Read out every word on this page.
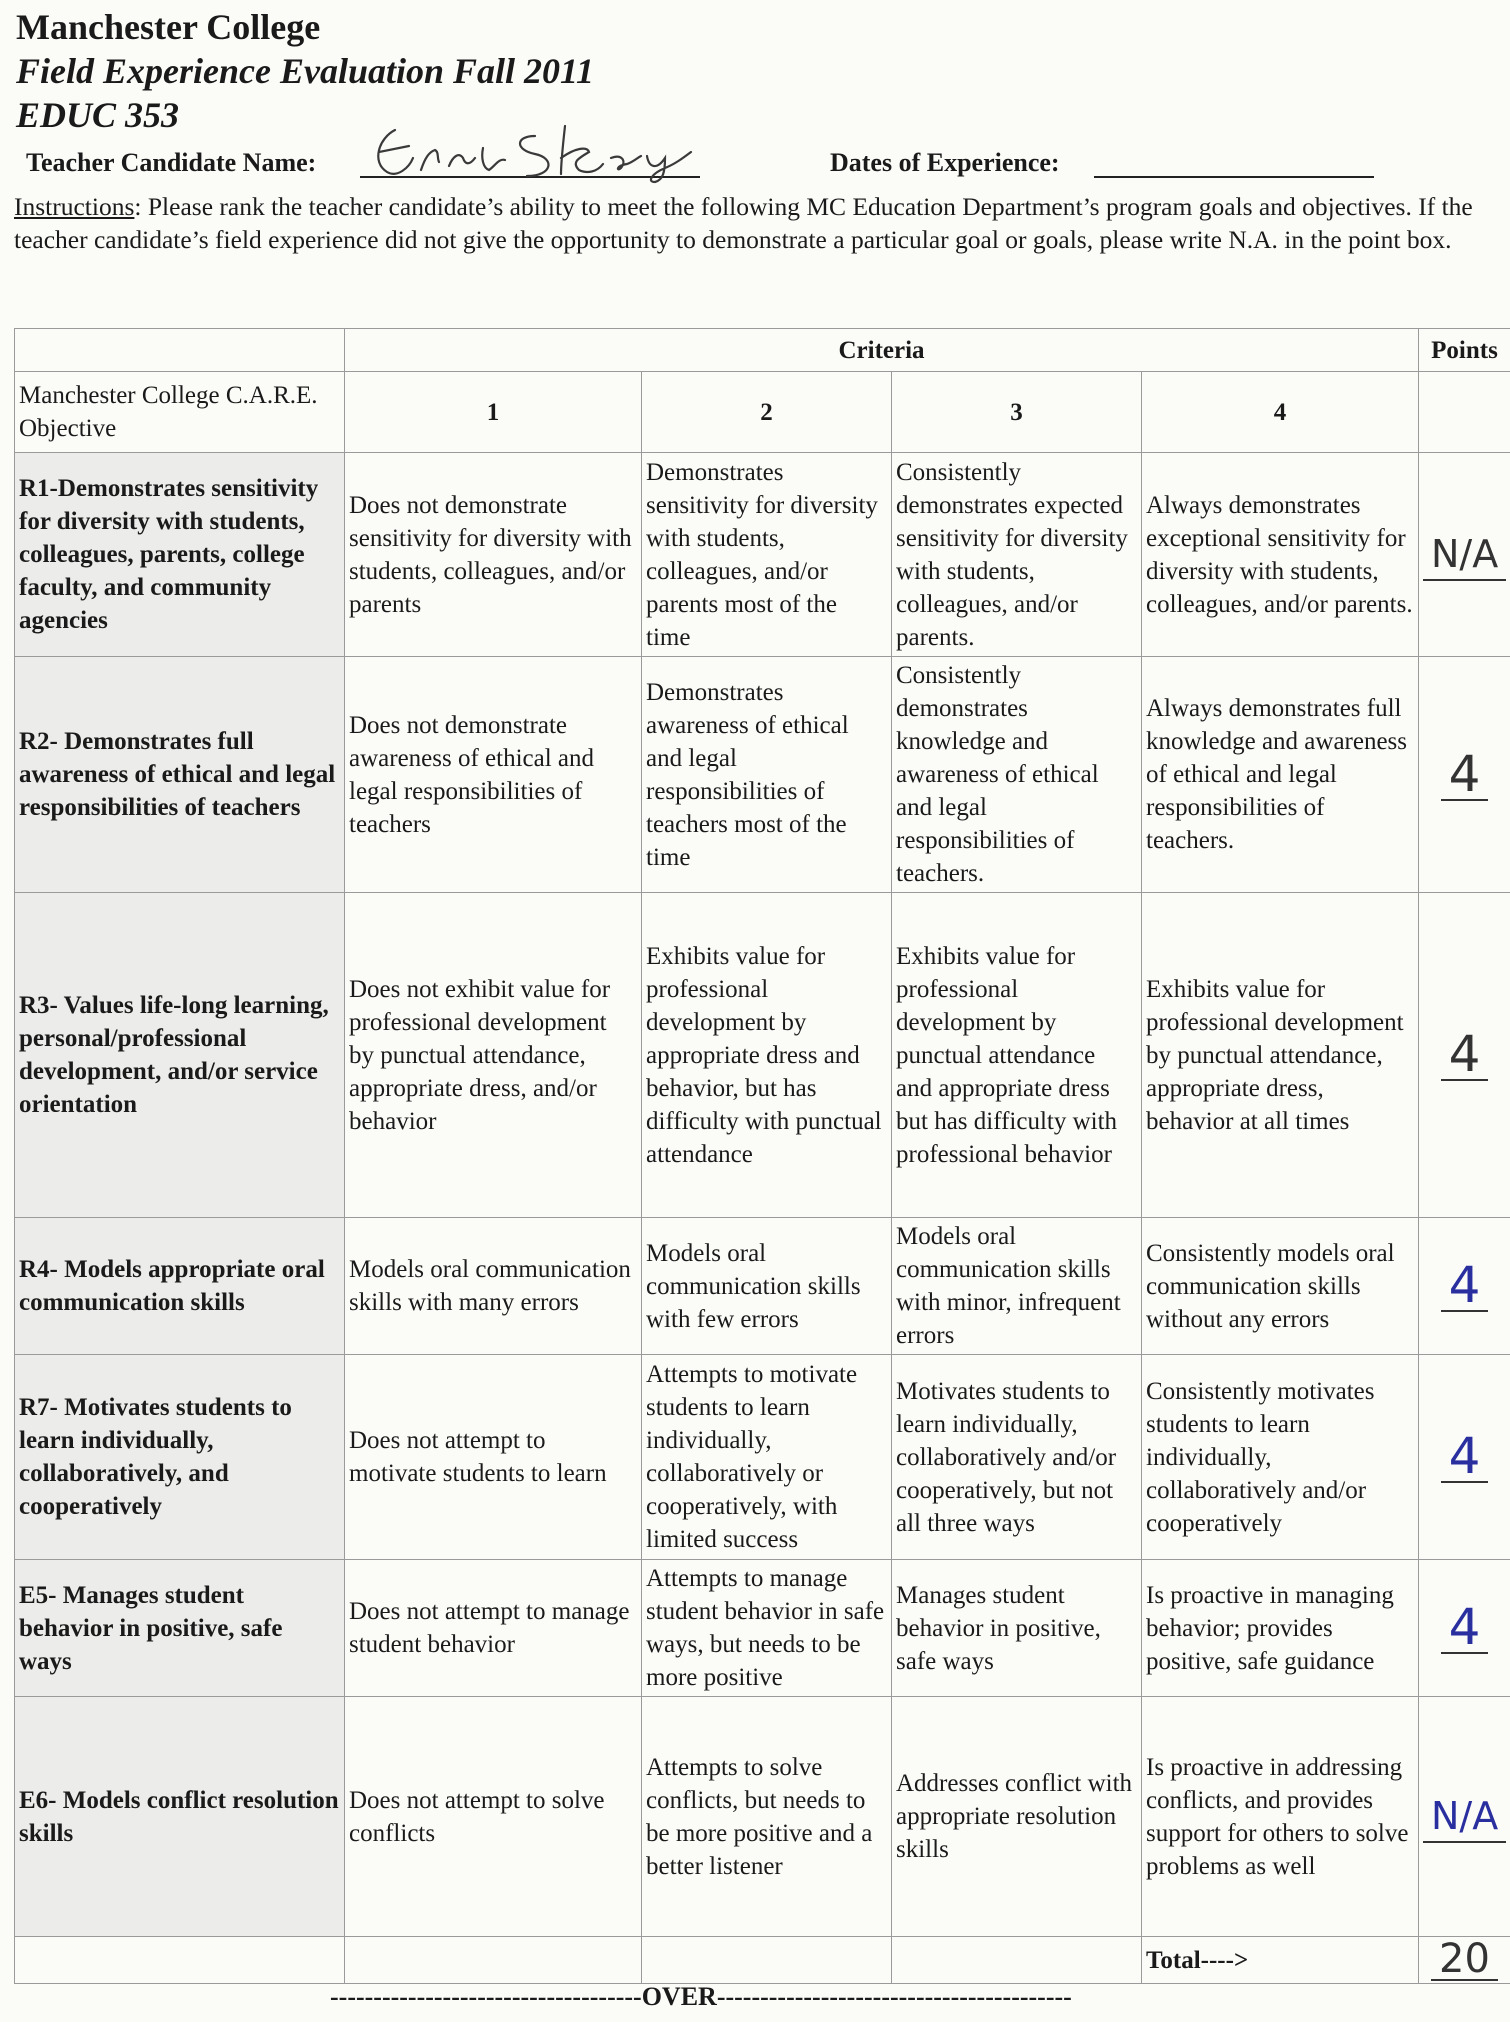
Manchester College
Field Experience Evaluation Fall 2011
EDUC 353
Teacher Candidate Name:	Dates of Experience:
Instructions: Please rank the teacher candidate’s ability to meet the following MC Education Department’s program goals and objectives. If the teacher candidate’s field experience did not give the opportunity to demonstrate a particular goal or goals, please write N.A. in the point box.
	Criteria				Points
Manchester College C.A.R.E. Objective	1	2	3	4	
R1-Demonstrates sensitivity for diversity with students, colleagues, parents, college faculty, and community agencies	Does not demonstrate sensitivity for diversity with students, colleagues, and/or parents	Demonstrates sensitivity for diversity with students, colleagues, and/or parents most of the time	Consistently demonstrates expected sensitivity for diversity with students, colleagues, and/or parents.	Always demonstrates exceptional sensitivity for diversity with students, colleagues, and/or parents.	N/A
R2- Demonstrates full awareness of ethical and legal responsibilities of teachers	Does not demonstrate awareness of ethical and legal responsibilities of teachers	Demonstrates awareness of ethical and legal responsibilities of teachers most of the time	Consistently demonstrates knowledge and awareness of ethical and legal responsibilities of teachers.	Always demonstrates full knowledge and awareness of ethical and legal responsibilities of teachers.	4
R3- Values life-long learning, personal/professional development, and/or service orientation	Does not exhibit value for professional development by punctual attendance, appropriate dress, and/or behavior	Exhibits value for professional development by appropriate dress and behavior, but has difficulty with punctual attendance	Exhibits value for professional development by punctual attendance and appropriate dress but has difficulty with professional behavior	Exhibits value for professional development by punctual attendance, appropriate dress, behavior at all times	4
R4- Models appropriate oral communication skills	Models oral communication skills with many errors	Models oral communication skills with few errors	Models oral communication skills with minor, infrequent errors	Consistently models oral communication skills without any errors	4
R7- Motivates students to learn individually, collaboratively, and cooperatively	Does not attempt to motivate students to learn	Attempts to motivate students to learn individually, collaboratively or cooperatively, with limited success	Motivates students to learn individually, collaboratively and/or cooperatively, but not all three ways	Consistently motivates students to learn individually, collaboratively and/or cooperatively	4
E5- Manages student behavior in positive, safe ways	Does not attempt to manage student behavior	Attempts to manage student behavior in safe ways, but needs to be more positive	Manages student behavior in positive, safe ways	Is proactive in managing behavior; provides positive, safe guidance	4
E6- Models conflict resolution skills	Does not attempt to solve conflicts	Attempts to solve conflicts, but needs to be more positive and a better listener	Addresses conflict with appropriate resolution skills	Is proactive in addressing conflicts, and provides support for others to solve problems as well	N/A
				Total---->	20
------------------------------------OVER-----------------------------------------
